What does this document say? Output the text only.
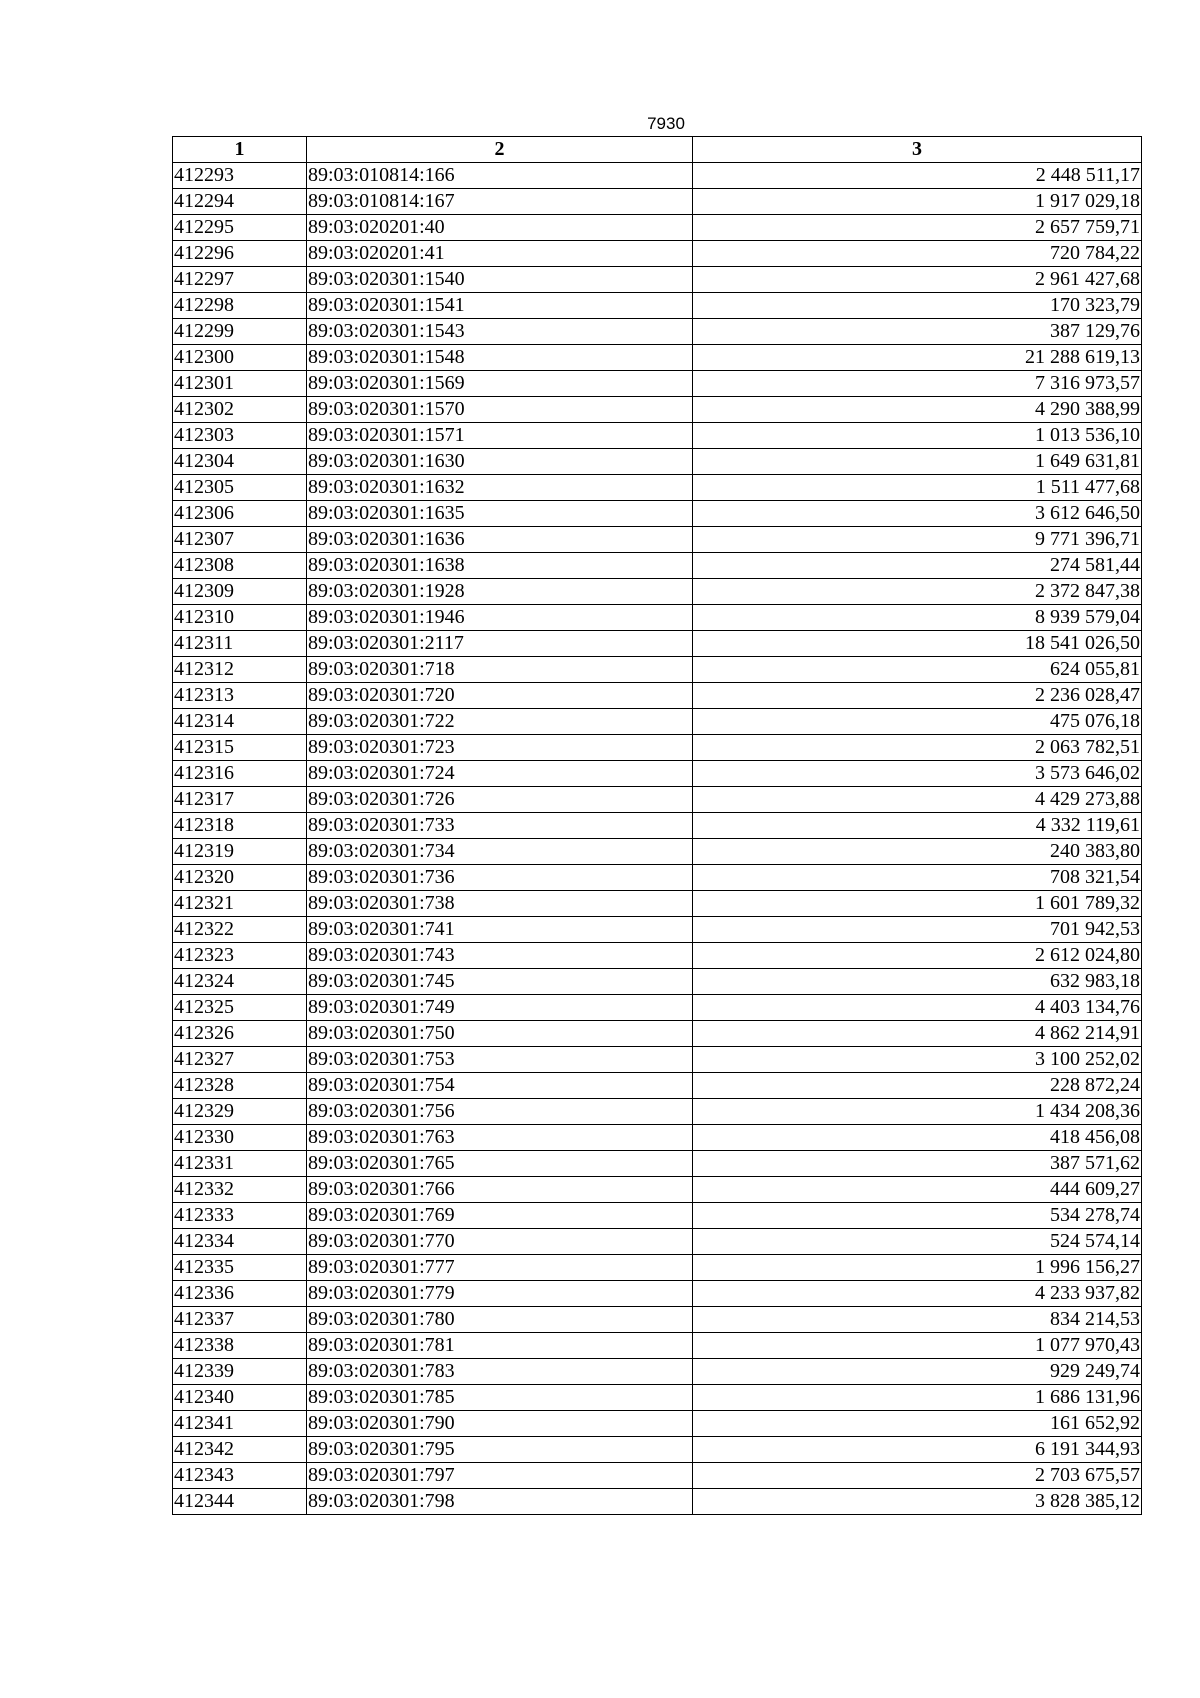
7930
1	2	3
412293	89:03:010814:166	2 448 511,17
412294	89:03:010814:167	1 917 029,18
412295	89:03:020201:40	2 657 759,71
412296	89:03:020201:41	720 784,22
412297	89:03:020301:1540	2 961 427,68
412298	89:03:020301:1541	170 323,79
412299	89:03:020301:1543	387 129,76
412300	89:03:020301:1548	21 288 619,13
412301	89:03:020301:1569	7 316 973,57
412302	89:03:020301:1570	4 290 388,99
412303	89:03:020301:1571	1 013 536,10
412304	89:03:020301:1630	1 649 631,81
412305	89:03:020301:1632	1 511 477,68
412306	89:03:020301:1635	3 612 646,50
412307	89:03:020301:1636	9 771 396,71
412308	89:03:020301:1638	274 581,44
412309	89:03:020301:1928	2 372 847,38
412310	89:03:020301:1946	8 939 579,04
412311	89:03:020301:2117	18 541 026,50
412312	89:03:020301:718	624 055,81
412313	89:03:020301:720	2 236 028,47
412314	89:03:020301:722	475 076,18
412315	89:03:020301:723	2 063 782,51
412316	89:03:020301:724	3 573 646,02
412317	89:03:020301:726	4 429 273,88
412318	89:03:020301:733	4 332 119,61
412319	89:03:020301:734	240 383,80
412320	89:03:020301:736	708 321,54
412321	89:03:020301:738	1 601 789,32
412322	89:03:020301:741	701 942,53
412323	89:03:020301:743	2 612 024,80
412324	89:03:020301:745	632 983,18
412325	89:03:020301:749	4 403 134,76
412326	89:03:020301:750	4 862 214,91
412327	89:03:020301:753	3 100 252,02
412328	89:03:020301:754	228 872,24
412329	89:03:020301:756	1 434 208,36
412330	89:03:020301:763	418 456,08
412331	89:03:020301:765	387 571,62
412332	89:03:020301:766	444 609,27
412333	89:03:020301:769	534 278,74
412334	89:03:020301:770	524 574,14
412335	89:03:020301:777	1 996 156,27
412336	89:03:020301:779	4 233 937,82
412337	89:03:020301:780	834 214,53
412338	89:03:020301:781	1 077 970,43
412339	89:03:020301:783	929 249,74
412340	89:03:020301:785	1 686 131,96
412341	89:03:020301:790	161 652,92
412342	89:03:020301:795	6 191 344,93
412343	89:03:020301:797	2 703 675,57
412344	89:03:020301:798	3 828 385,12
